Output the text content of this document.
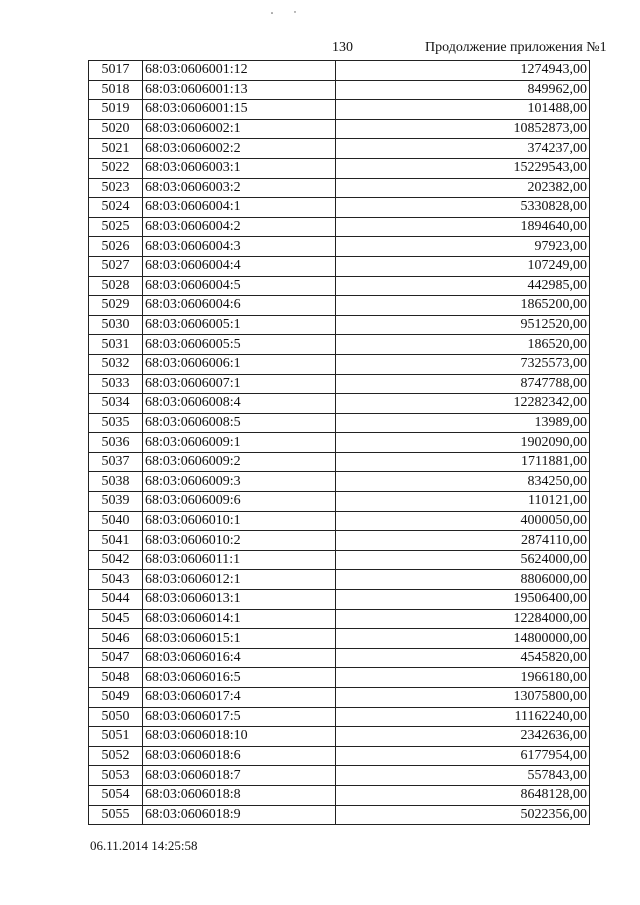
130	Продолжение приложения №1
5017	68:03:0606001:12	1274943,00
5018	68:03:0606001:13	849962,00
5019	68:03:0606001:15	101488,00
5020	68:03:0606002:1	10852873,00
5021	68:03:0606002:2	374237,00
5022	68:03:0606003:1	15229543,00
5023	68:03:0606003:2	202382,00
5024	68:03:0606004:1	5330828,00
5025	68:03:0606004:2	1894640,00
5026	68:03:0606004:3	97923,00
5027	68:03:0606004:4	107249,00
5028	68:03:0606004:5	442985,00
5029	68:03:0606004:6	1865200,00
5030	68:03:0606005:1	9512520,00
5031	68:03:0606005:5	186520,00
5032	68:03:0606006:1	7325573,00
5033	68:03:0606007:1	8747788,00
5034	68:03:0606008:4	12282342,00
5035	68:03:0606008:5	13989,00
5036	68:03:0606009:1	1902090,00
5037	68:03:0606009:2	1711881,00
5038	68:03:0606009:3	834250,00
5039	68:03:0606009:6	110121,00
5040	68:03:0606010:1	4000050,00
5041	68:03:0606010:2	2874110,00
5042	68:03:0606011:1	5624000,00
5043	68:03:0606012:1	8806000,00
5044	68:03:0606013:1	19506400,00
5045	68:03:0606014:1	12284000,00
5046	68:03:0606015:1	14800000,00
5047	68:03:0606016:4	4545820,00
5048	68:03:0606016:5	1966180,00
5049	68:03:0606017:4	13075800,00
5050	68:03:0606017:5	11162240,00
5051	68:03:0606018:10	2342636,00
5052	68:03:0606018:6	6177954,00
5053	68:03:0606018:7	557843,00
5054	68:03:0606018:8	8648128,00
5055	68:03:0606018:9	5022356,00
06.11.2014 14:25:58
